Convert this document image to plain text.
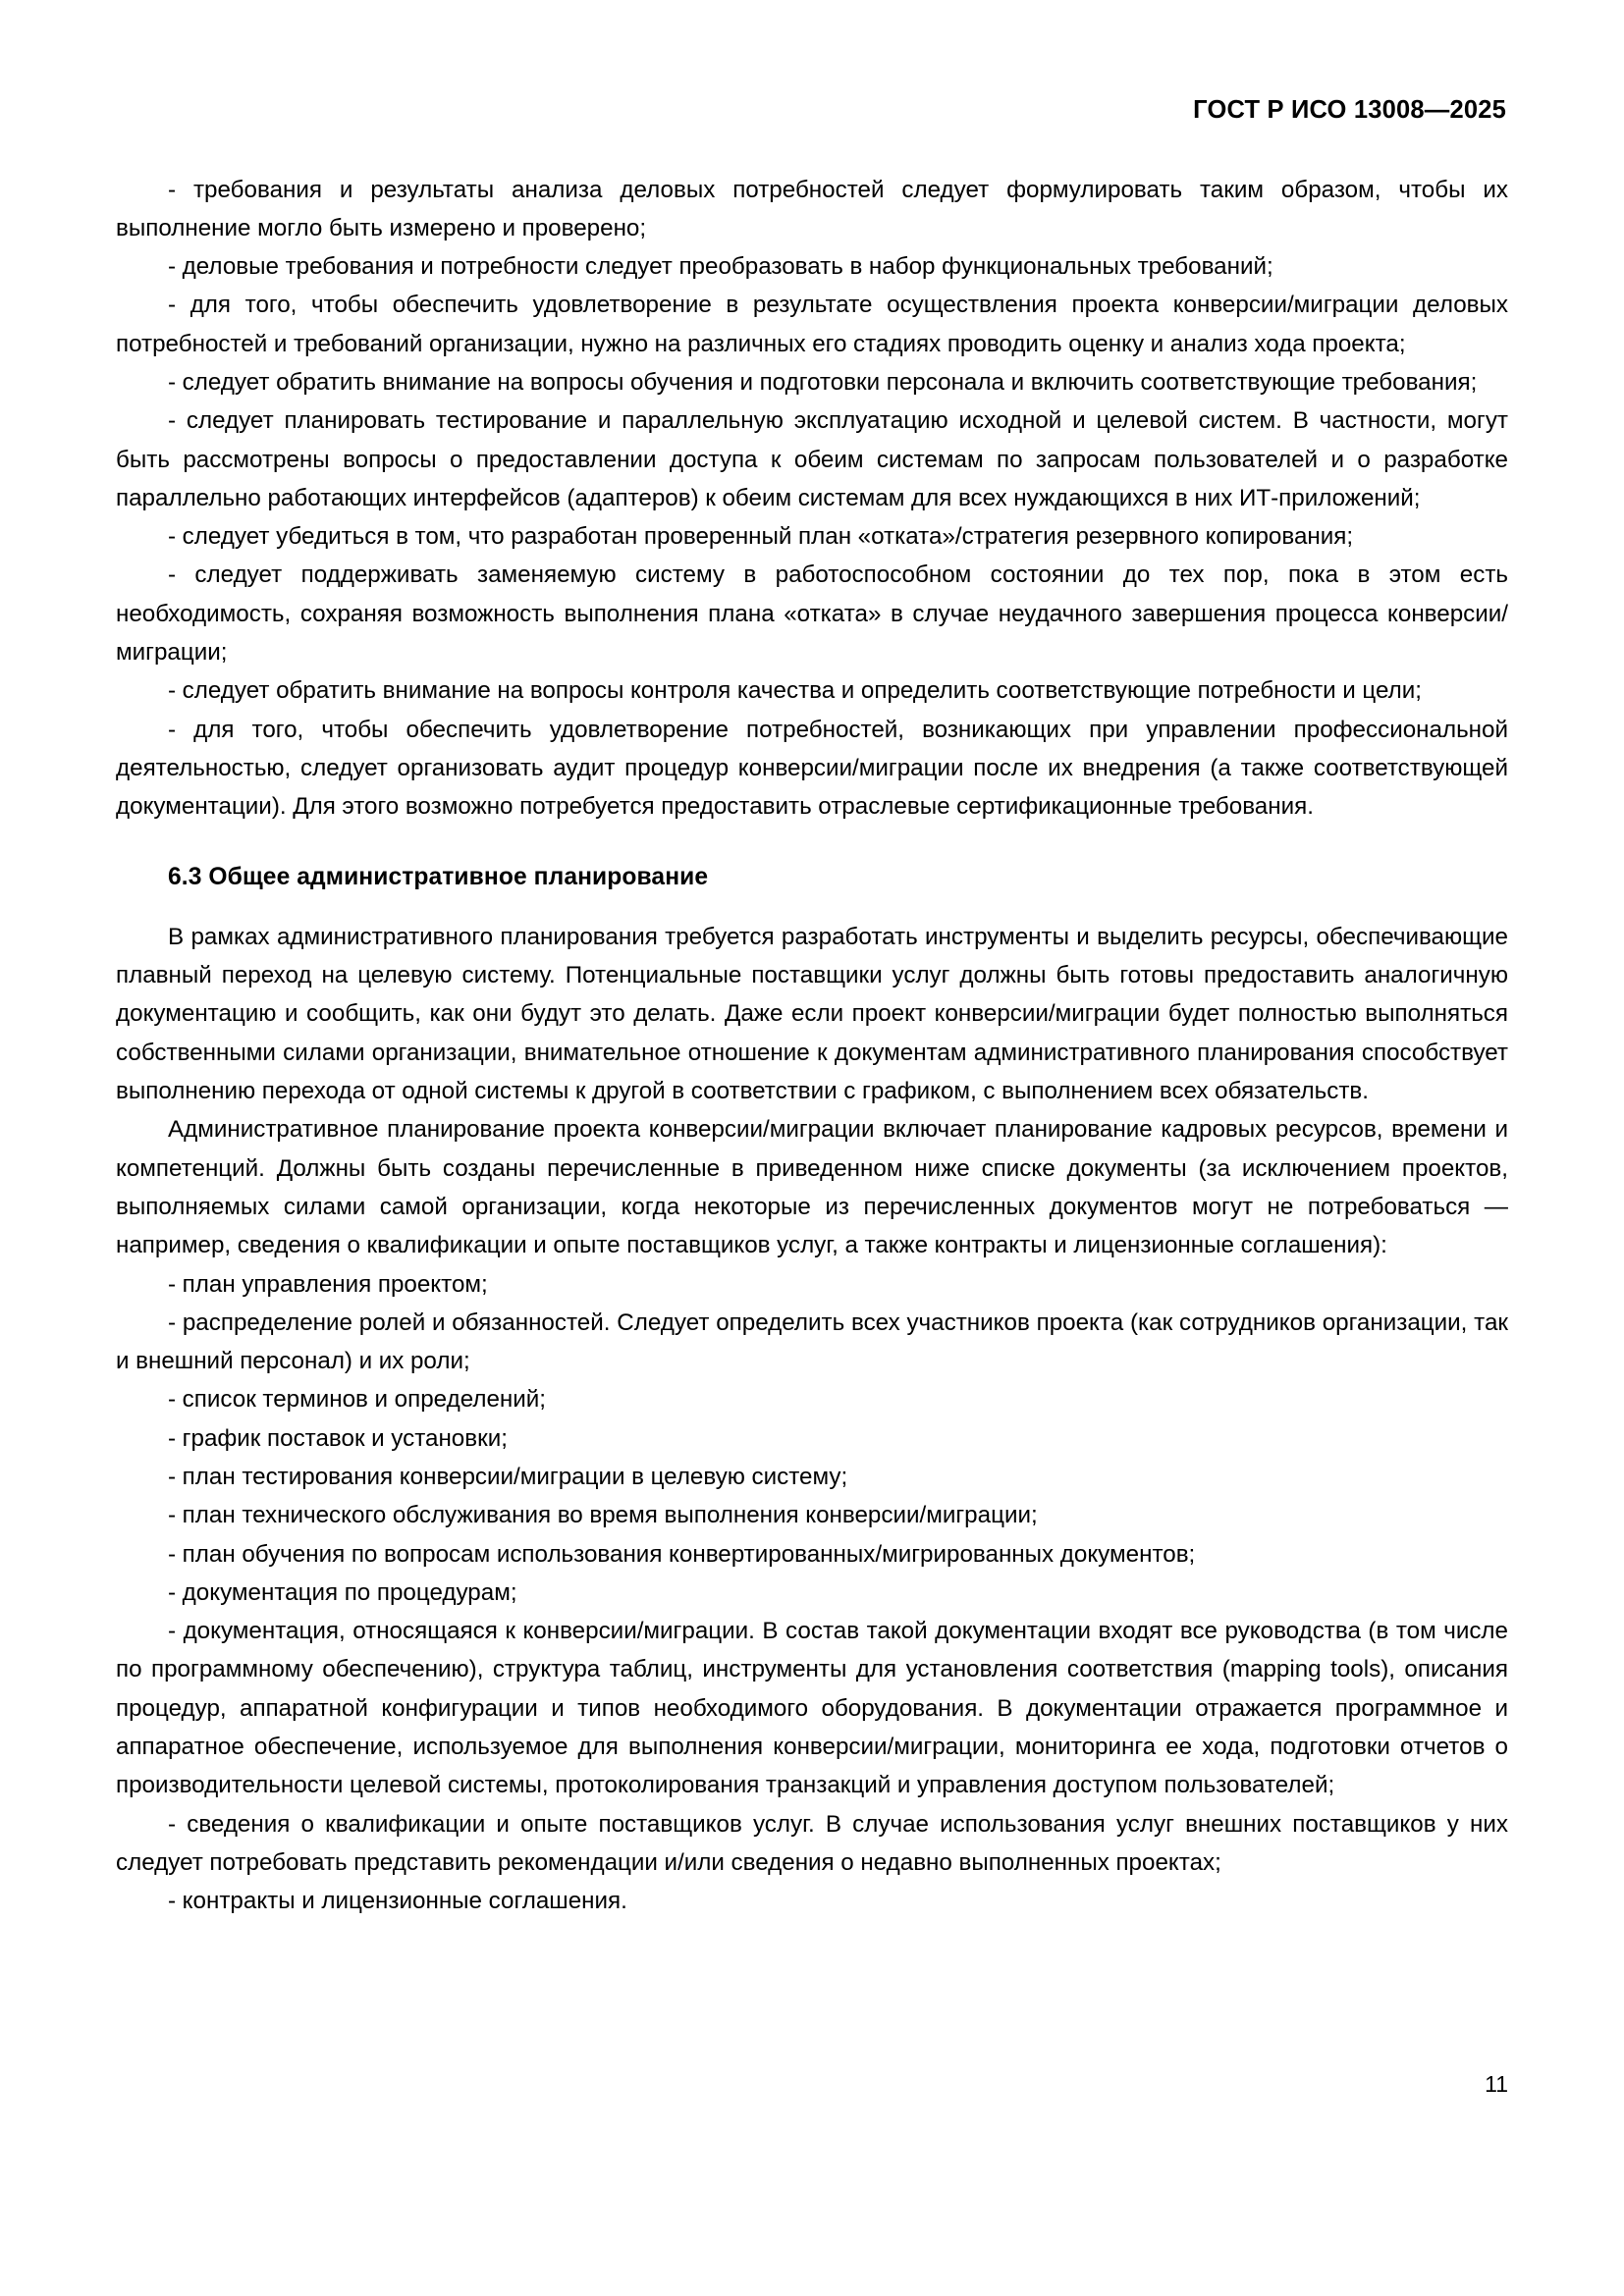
ГОСТ Р ИСО 13008—2025

- требования и результаты анализа деловых потребностей следует формулировать таким образом, чтобы их выполнение могло быть измерено и проверено;

- деловые требования и потребности следует преобразовать в набор функциональных требований;

- для того, чтобы обеспечить удовлетворение в результате осуществления проекта конверсии/миграции деловых потребностей и требований организации, нужно на различных его стадиях проводить оценку и анализ хода проекта;

- следует обратить внимание на вопросы обучения и подготовки персонала и включить соответствующие требования;

- следует планировать тестирование и параллельную эксплуатацию исходной и целевой систем. В частности, могут быть рассмотрены вопросы о предоставлении доступа к обеим системам по запросам пользователей и о разработке параллельно работающих интерфейсов (адаптеров) к обеим системам для всех нуждающихся в них ИТ-приложений;

- следует убедиться в том, что разработан проверенный план «отката»/стратегия резервного копирования;

- следует поддерживать заменяемую систему в работоспособном состоянии до тех пор, пока в этом есть необходимость, сохраняя возможность выполнения плана «отката» в случае неудачного завершения процесса конверсии/миграции;

- следует обратить внимание на вопросы контроля качества и определить соответствующие потребности и цели;

- для того, чтобы обеспечить удовлетворение потребностей, возникающих при управлении профессиональной деятельностью, следует организовать аудит процедур конверсии/миграции после их внедрения (а также соответствующей документации). Для этого возможно потребуется предоставить отраслевые сертификационные требования.

6.3 Общее административное планирование

В рамках административного планирования требуется разработать инструменты и выделить ресурсы, обеспечивающие плавный переход на целевую систему. Потенциальные поставщики услуг должны быть готовы предоставить аналогичную документацию и сообщить, как они будут это делать. Даже если проект конверсии/миграции будет полностью выполняться собственными силами организации, внимательное отношение к документам административного планирования способствует выполнению перехода от одной системы к другой в соответствии с графиком, с выполнением всех обязательств.

Административное планирование проекта конверсии/миграции включает планирование кадровых ресурсов, времени и компетенций. Должны быть созданы перечисленные в приведенном ниже списке документы (за исключением проектов, выполняемых силами самой организации, когда некоторые из перечисленных документов могут не потребоваться — например, сведения о квалификации и опыте поставщиков услуг, а также контракты и лицензионные соглашения):

- план управления проектом;

- распределение ролей и обязанностей. Следует определить всех участников проекта (как сотрудников организации, так и внешний персонал) и их роли;

- список терминов и определений;

- график поставок и установки;

- план тестирования конверсии/миграции в целевую систему;

- план технического обслуживания во время выполнения конверсии/миграции;

- план обучения по вопросам использования конвертированных/мигрированных документов;

- документация по процедурам;

- документация, относящаяся к конверсии/миграции. В состав такой документации входят все руководства (в том числе по программному обеспечению), структура таблиц, инструменты для установления соответствия (mapping tools), описания процедур, аппаратной конфигурации и типов необходимого оборудования. В документации отражается программное и аппаратное обеспечение, используемое для выполнения конверсии/миграции, мониторинга ее хода, подготовки отчетов о производительности целевой системы, протоколирования транзакций и управления доступом пользователей;

- сведения о квалификации и опыте поставщиков услуг. В случае использования услуг внешних поставщиков у них следует потребовать представить рекомендации и/или сведения о недавно выполненных проектах;

- контракты и лицензионные соглашения.

11
